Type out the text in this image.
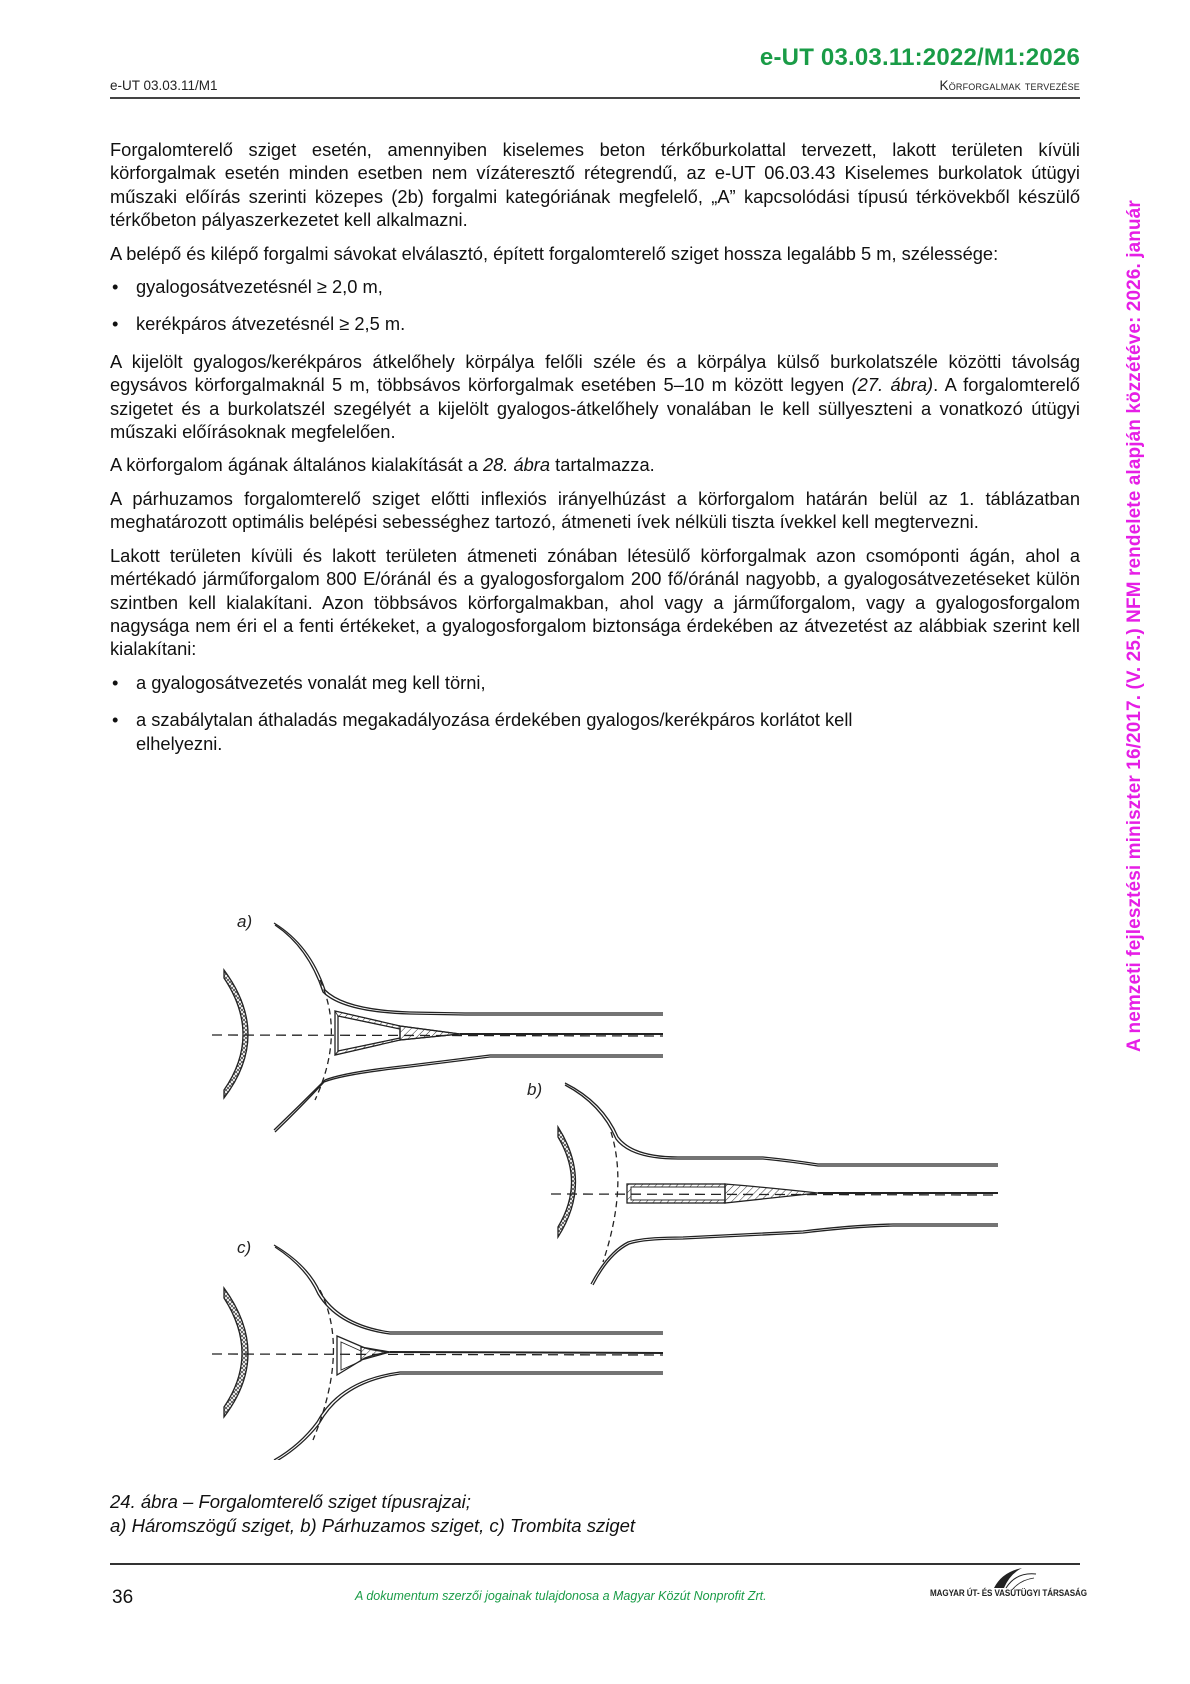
e-UT 03.03.11:2022/M1:2026
e-UT 03.03.11/M1	Körforgalmak tervezése

Forgalomterelő sziget esetén, amennyiben kiselemes beton térkőburkolattal tervezett, lakott területen kívüli körforgalmak esetén minden esetben nem vízáteresztő rétegrendű, az e-UT 06.03.43 Kiselemes burkolatok útügyi műszaki előírás szerinti közepes (2b) forgalmi kategóriának megfelelő, „A” kapcsolódási típusú térkövekből készülő térkőbeton pályaszerkezetet kell alkalmazni.

A belépő és kilépő forgalmi sávokat elválasztó, épített forgalomterelő sziget hossza legalább 5 m, szélessége:

• gyalogosátvezetésnél ≥ 2,0 m,
• kerékpáros átvezetésnél ≥ 2,5 m.

A kijelölt gyalogos/kerékpáros átkelőhely körpálya felőli széle és a körpálya külső burkolatszéle közötti távolság egysávos körforgalmaknál 5 m, többsávos körforgalmak esetében 5–10 m között legyen (27. ábra). A forgalomterelő szigetet és a burkolatszél szegélyét a kijelölt gyalogos-átkelőhely vonalában le kell süllyeszteni a vonatkozó útügyi műszaki előírásoknak megfelelően.

A körforgalom ágának általános kialakítását a 28. ábra tartalmazza.

A párhuzamos forgalomterelő sziget előtti inflexiós irányelhúzást a körforgalom határán belül az 1. táblázatban meghatározott optimális belépési sebességhez tartozó, átmeneti ívek nélküli tiszta ívekkel kell megtervezni.

Lakott területen kívüli és lakott területen átmeneti zónában létesülő körforgalmak azon csomóponti ágán, ahol a mértékadó járműforgalom 800 E/óránál és a gyalogosforgalom 200 fő/óránál nagyobb, a gyalogosátvezetéseket külön szintben kell kialakítani. Azon többsávos körforgalmakban, ahol vagy a járműforgalom, vagy a gyalogosforgalom nagysága nem éri el a fenti értékeket, a gyalogosforgalom biztonsága érdekében az átvezetést az alábbiak szerint kell kialakítani:

• a gyalogosátvezetés vonalát meg kell törni,
• a szabálytalan áthaladás megakadályozása érdekében gyalogos/kerékpáros korlátot kell elhelyezni.
a)
b)
c)
24. ábra – Forgalomterelő sziget típusrajzai;
a) Háromszögű sziget, b) Párhuzamos sziget, c) Trombita sziget
36	A dokumentum szerzői jogainak tulajdonosa a Magyar Közút Nonprofit Zrt.	MAGYAR ÚT- ÉS VASÚTÜGYI TÁRSASÁG
A nemzeti fejlesztési miniszter 16/2017. (V. 25.) NFM rendelete alapján közzétéve: 2026. január
